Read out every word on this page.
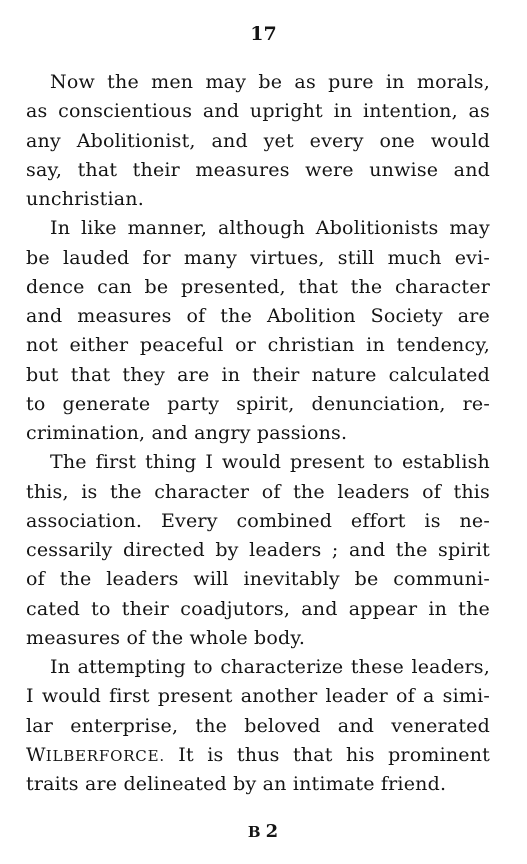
17

Now the men may be as pure in morals,
as conscientious and upright in intention, as
any Abolitionist, and yet every one would
say, that their measures were unwise and
unchristian.

In like manner, although Abolitionists may
be lauded for many virtues, still much evi-
dence can be presented, that the character
and measures of the Abolition Society are
not either peaceful or christian in tendency,
but that they are in their nature calculated
to generate party spirit, denunciation, re-
crimination, and angry passions.

The first thing I would present to establish
this, is the character of the leaders of this
association. Every combined effort is ne-
cessarily directed by leaders ; and the spirit
of the leaders will inevitably be communi-
cated to their coadjutors, and appear in the
measures of the whole body.

In attempting to characterize these leaders,
I would first present another leader of a simi-
lar enterprise, the beloved and venerated
WILBERFORCE. It is thus that his prominent
traits are delineated by an intimate friend.

B 2
